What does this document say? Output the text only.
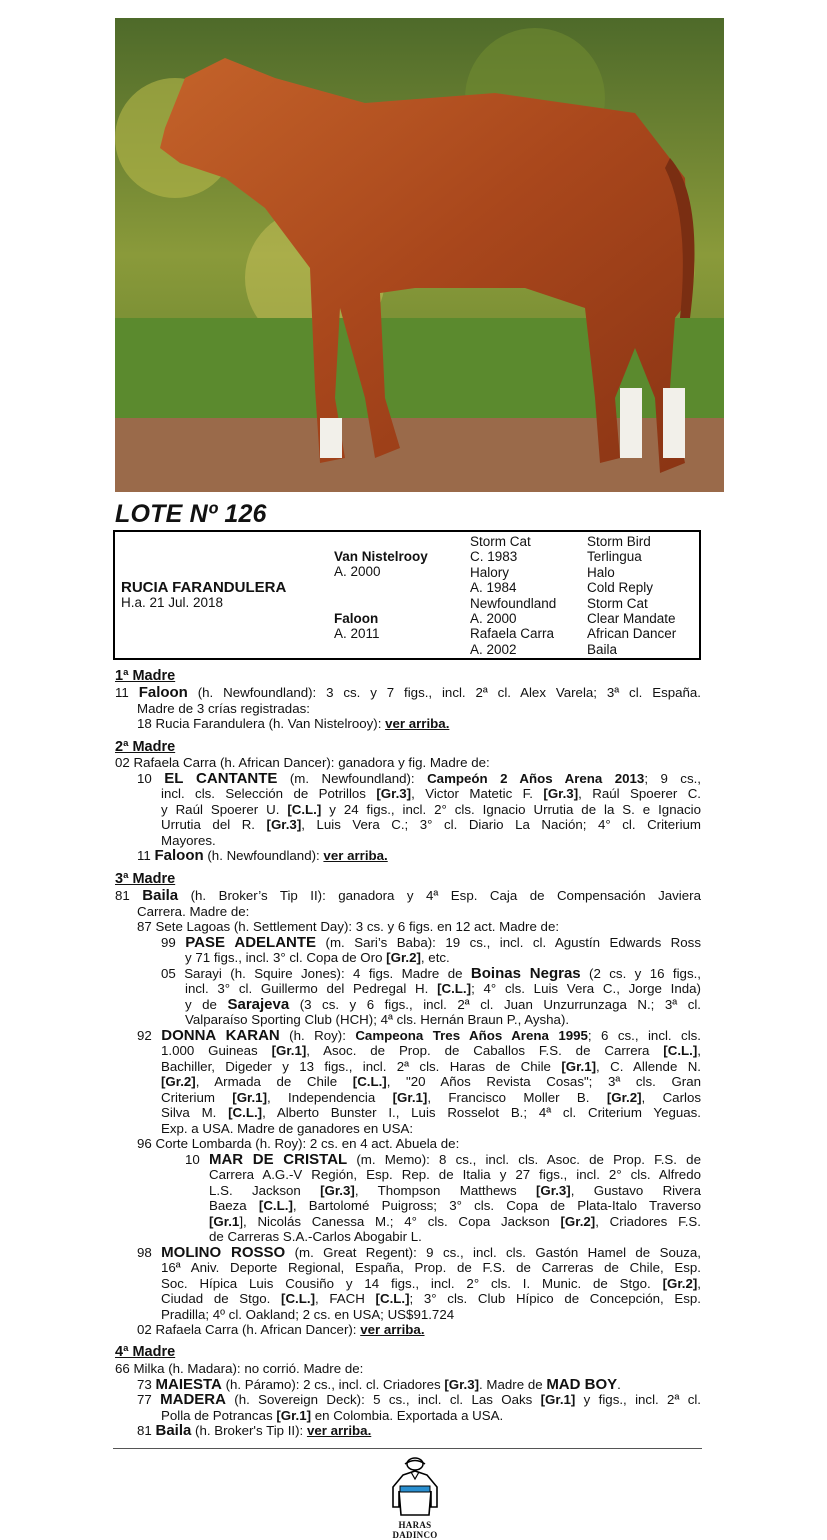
LOTE Nº 126
RUCIA FARANDULERA
H.a. 21 Jul. 2018
Van Nistelrooy
A. 2000
Faloon
A. 2011
Storm Cat
C. 1983
Halory
A. 1984
Newfoundland
A. 2000
Rafaela Carra
A. 2002
Storm Bird
Terlingua
Halo
Cold Reply
Storm Cat
Clear Mandate
African Dancer
Baila
1ª Madre
11 Faloon (h. Newfoundland): 3 cs. y 7 figs., incl. 2ª cl. Alex Varela; 3ª cl. España.
Madre de 3 crías registradas:
18 Rucia Farandulera (h. Van Nistelrooy): ver arriba.
2ª Madre
02 Rafaela Carra (h. African Dancer): ganadora y fig. Madre de:
10 EL CANTANTE (m. Newfoundland): Campeón 2 Años Arena 2013; 9 cs.,
incl. cls. Selección de Potrillos [Gr.3], Victor Matetic F. [Gr.3], Raúl Spoerer C.
y Raúl Spoerer U. [C.L.] y 24 figs., incl. 2° cls. Ignacio Urrutia de la S. e Ignacio
Urrutia del R. [Gr.3], Luis Vera C.; 3° cl. Diario La Nación; 4° cl. Criterium
Mayores.
11 Faloon (h. Newfoundland): ver arriba.
3ª Madre
81 Baila (h. Broker’s Tip II): ganadora y 4ª Esp. Caja de Compensación Javiera
Carrera. Madre de:
87 Sete Lagoas (h. Settlement Day): 3 cs. y 6 figs. en 12 act. Madre de:
99 PASE ADELANTE (m. Sari’s Baba): 19 cs., incl. cl. Agustín Edwards Ross
y 71 figs., incl. 3° cl. Copa de Oro [Gr.2], etc.
05 Sarayi (h. Squire Jones): 4 figs. Madre de Boinas Negras (2 cs. y 16 figs.,
incl. 3° cl. Guillermo del Pedregal H. [C.L.]; 4° cls. Luis Vera C., Jorge Inda)
y de Sarajeva (3 cs. y 6 figs., incl. 2ª cl. Juan Unzurrunzaga N.; 3ª cl.
Valparaíso Sporting Club (HCH); 4ª cls. Hernán Braun P., Aysha).
92 DONNA KARAN (h. Roy): Campeona Tres Años Arena 1995; 6 cs., incl. cls.
1.000 Guineas [Gr.1], Asoc. de Prop. de Caballos F.S. de Carrera [C.L.],
Bachiller, Digeder y 13 figs., incl. 2ª cls. Haras de Chile [Gr.1], C. Allende N.
[Gr.2], Armada de Chile [C.L.], "20 Años Revista Cosas"; 3ª cls. Gran
Criterium [Gr.1], Independencia [Gr.1], Francisco Moller B. [Gr.2], Carlos
Silva M. [C.L.], Alberto Bunster I., Luis Rosselot B.; 4ª cl. Criterium Yeguas.
Exp. a USA. Madre de ganadores en USA:
96 Corte Lombarda (h. Roy): 2 cs. en 4 act. Abuela de:
10 MAR DE CRISTAL (m. Memo): 8 cs., incl. cls. Asoc. de Prop. F.S. de
Carrera A.G.-V Región, Esp. Rep. de Italia y 27 figs., incl. 2° cls. Alfredo
L.S. Jackson [Gr.3], Thompson Matthews [Gr.3], Gustavo Rivera
Baeza [C.L.], Bartolomé Puigross; 3° cls. Copa de Plata-Italo Traverso
[Gr.1], Nicolás Canessa M.; 4° cls. Copa Jackson [Gr.2], Criadores F.S.
de Carreras S.A.-Carlos Abogabir L.
98 MOLINO ROSSO (m. Great Regent): 9 cs., incl. cls. Gastón Hamel de Souza,
16ª Aniv. Deporte Regional, España, Prop. de F.S. de Carreras de Chile, Esp.
Soc. Hípica Luis Cousiño y 14 figs., incl. 2° cls. I. Munic. de Stgo. [Gr.2],
Ciudad de Stgo. [C.L.], FACH [C.L.]; 3° cls. Club Hípico de Concepción, Esp.
Pradilla; 4º cl. Oakland; 2 cs. en USA; US$91.724
02 Rafaela Carra (h. African Dancer): ver arriba.
4ª Madre
66 Milka (h. Madara): no corrió. Madre de:
73 MAIESTA (h. Páramo): 2 cs., incl. cl. Criadores [Gr.3]. Madre de MAD BOY.
77 MADERA (h. Sovereign Deck): 5 cs., incl. cl. Las Oaks [Gr.1] y figs., incl. 2ª cl.
Polla de Potrancas [Gr.1] en Colombia. Exportada a USA.
81 Baila (h. Broker's Tip II): ver arriba.
HARAS DADINCO
